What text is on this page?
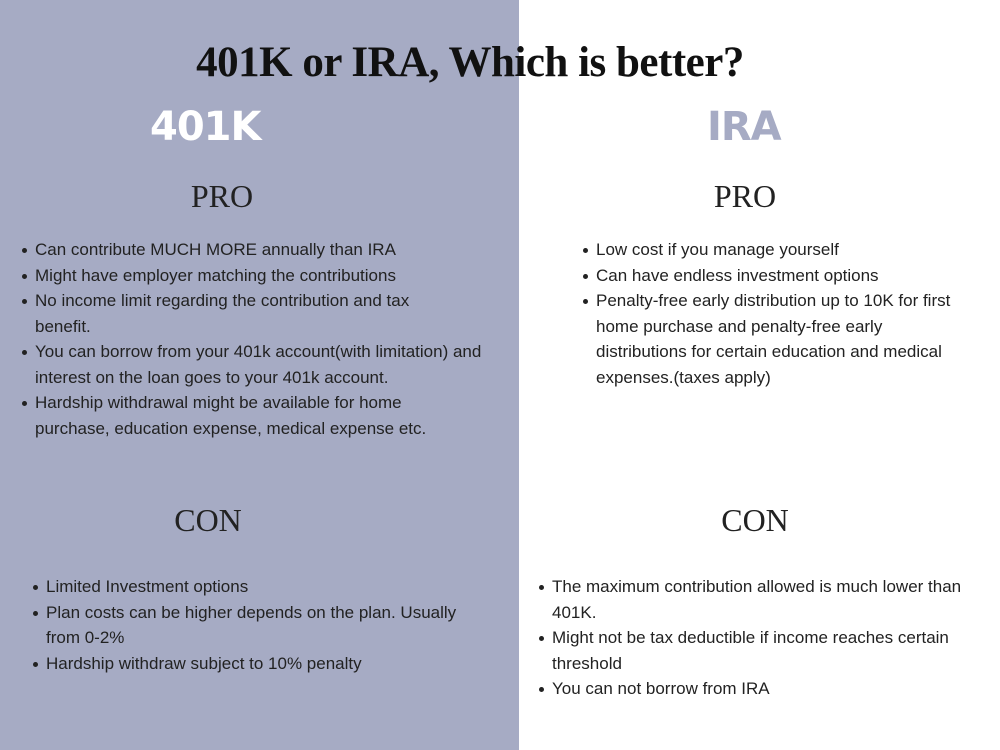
401K or IRA, Which is better?
401K	IRA
PRO	PRO
Can contribute MUCH MORE annually than IRA
Might have employer matching the contributions
No income limit regarding the contribution and tax benefit.
You can borrow from your 401k account(with limitation) and interest on the loan goes to your 401k account.
Hardship withdrawal might be available for home purchase, education expense, medical expense etc.
Low cost if you manage yourself
Can have endless investment options
Penalty-free early distribution up to 10K for first home purchase and penalty-free early distributions for certain education and medical expenses.(taxes apply)
CON	CON
Limited Investment options
Plan costs can be higher depends on the plan. Usually from 0-2%
Hardship withdraw subject to 10% penalty
The maximum contribution allowed is much lower than 401K.
Might not be tax deductible if income reaches certain threshold
You can not borrow from IRA
